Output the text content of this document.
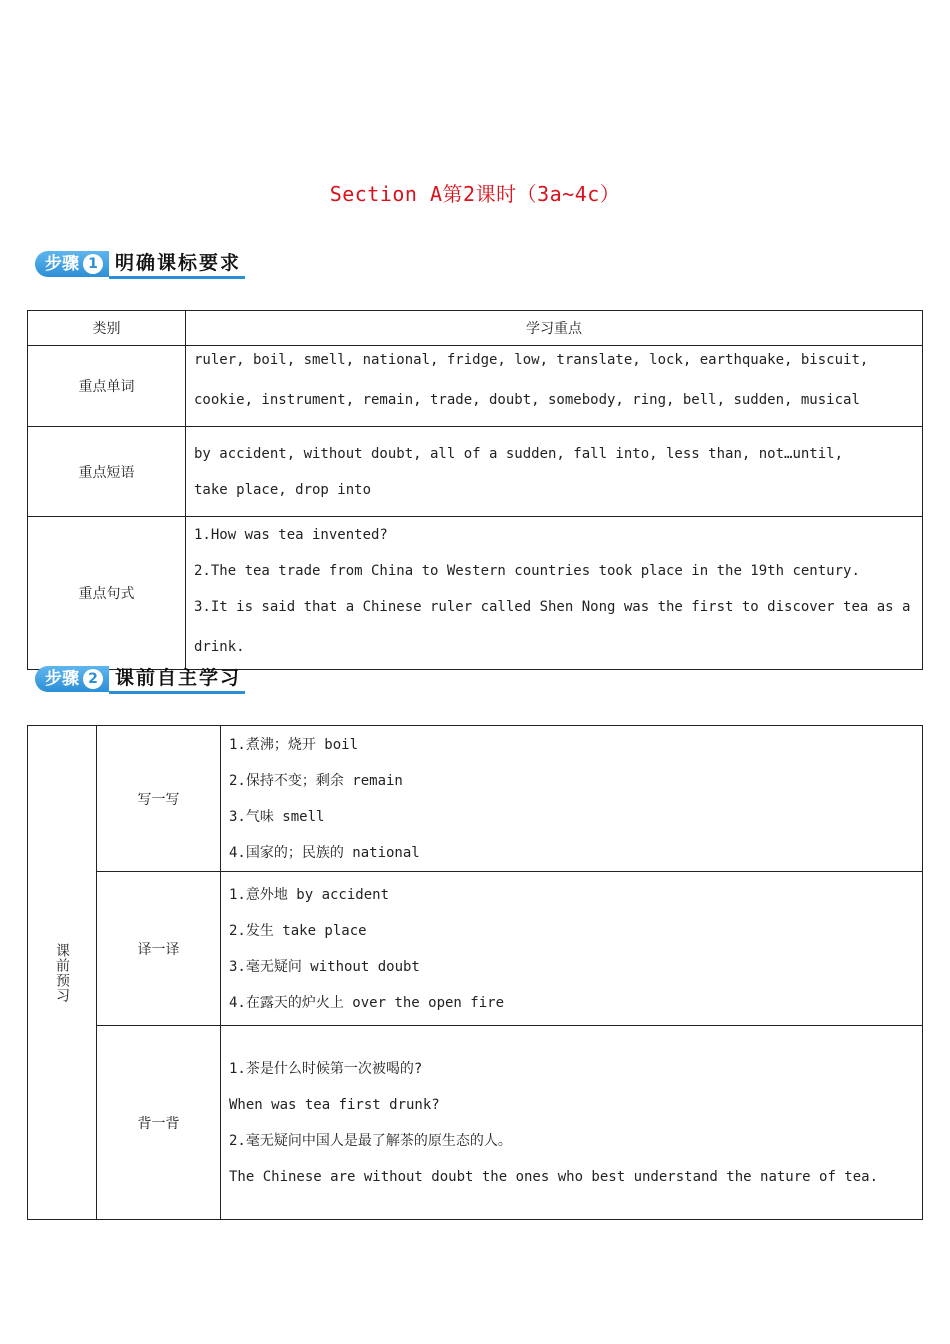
Section A第2课时（3a~4c）
步骤 1 明确课标要求
类别	学习重点
重点单词	ruler, boil, smell, national, fridge, low, translate, lock, earthquake, biscuit,
cookie, instrument, remain, trade, doubt, somebody, ring, bell, sudden, musical

重点短语	by accident, without doubt, all of a sudden, fall into, less than, not…until,
take place, drop into

重点句式	1.How was tea invented?
2.The tea trade from China to Western countries took place in the 19th century.
3.It is said that a Chinese ruler called Shen Nong was the first to discover tea as a
drink.
步骤 2 课前自主学习
课前预习	写一写	1.煮沸；烧开 boil
2.保持不变；剩余 remain
3.气味 smell
4.国家的；民族的 national

	译一译	1.意外地 by accident
2.发生 take place
3.毫无疑问 without doubt
4.在露天的炉火上 over the open fire

	背一背	1.茶是什么时候第一次被喝的?
When was tea first drunk?
2.毫无疑问中国人是最了解茶的原生态的人。
The Chinese are without doubt the ones who best understand the nature of tea.
